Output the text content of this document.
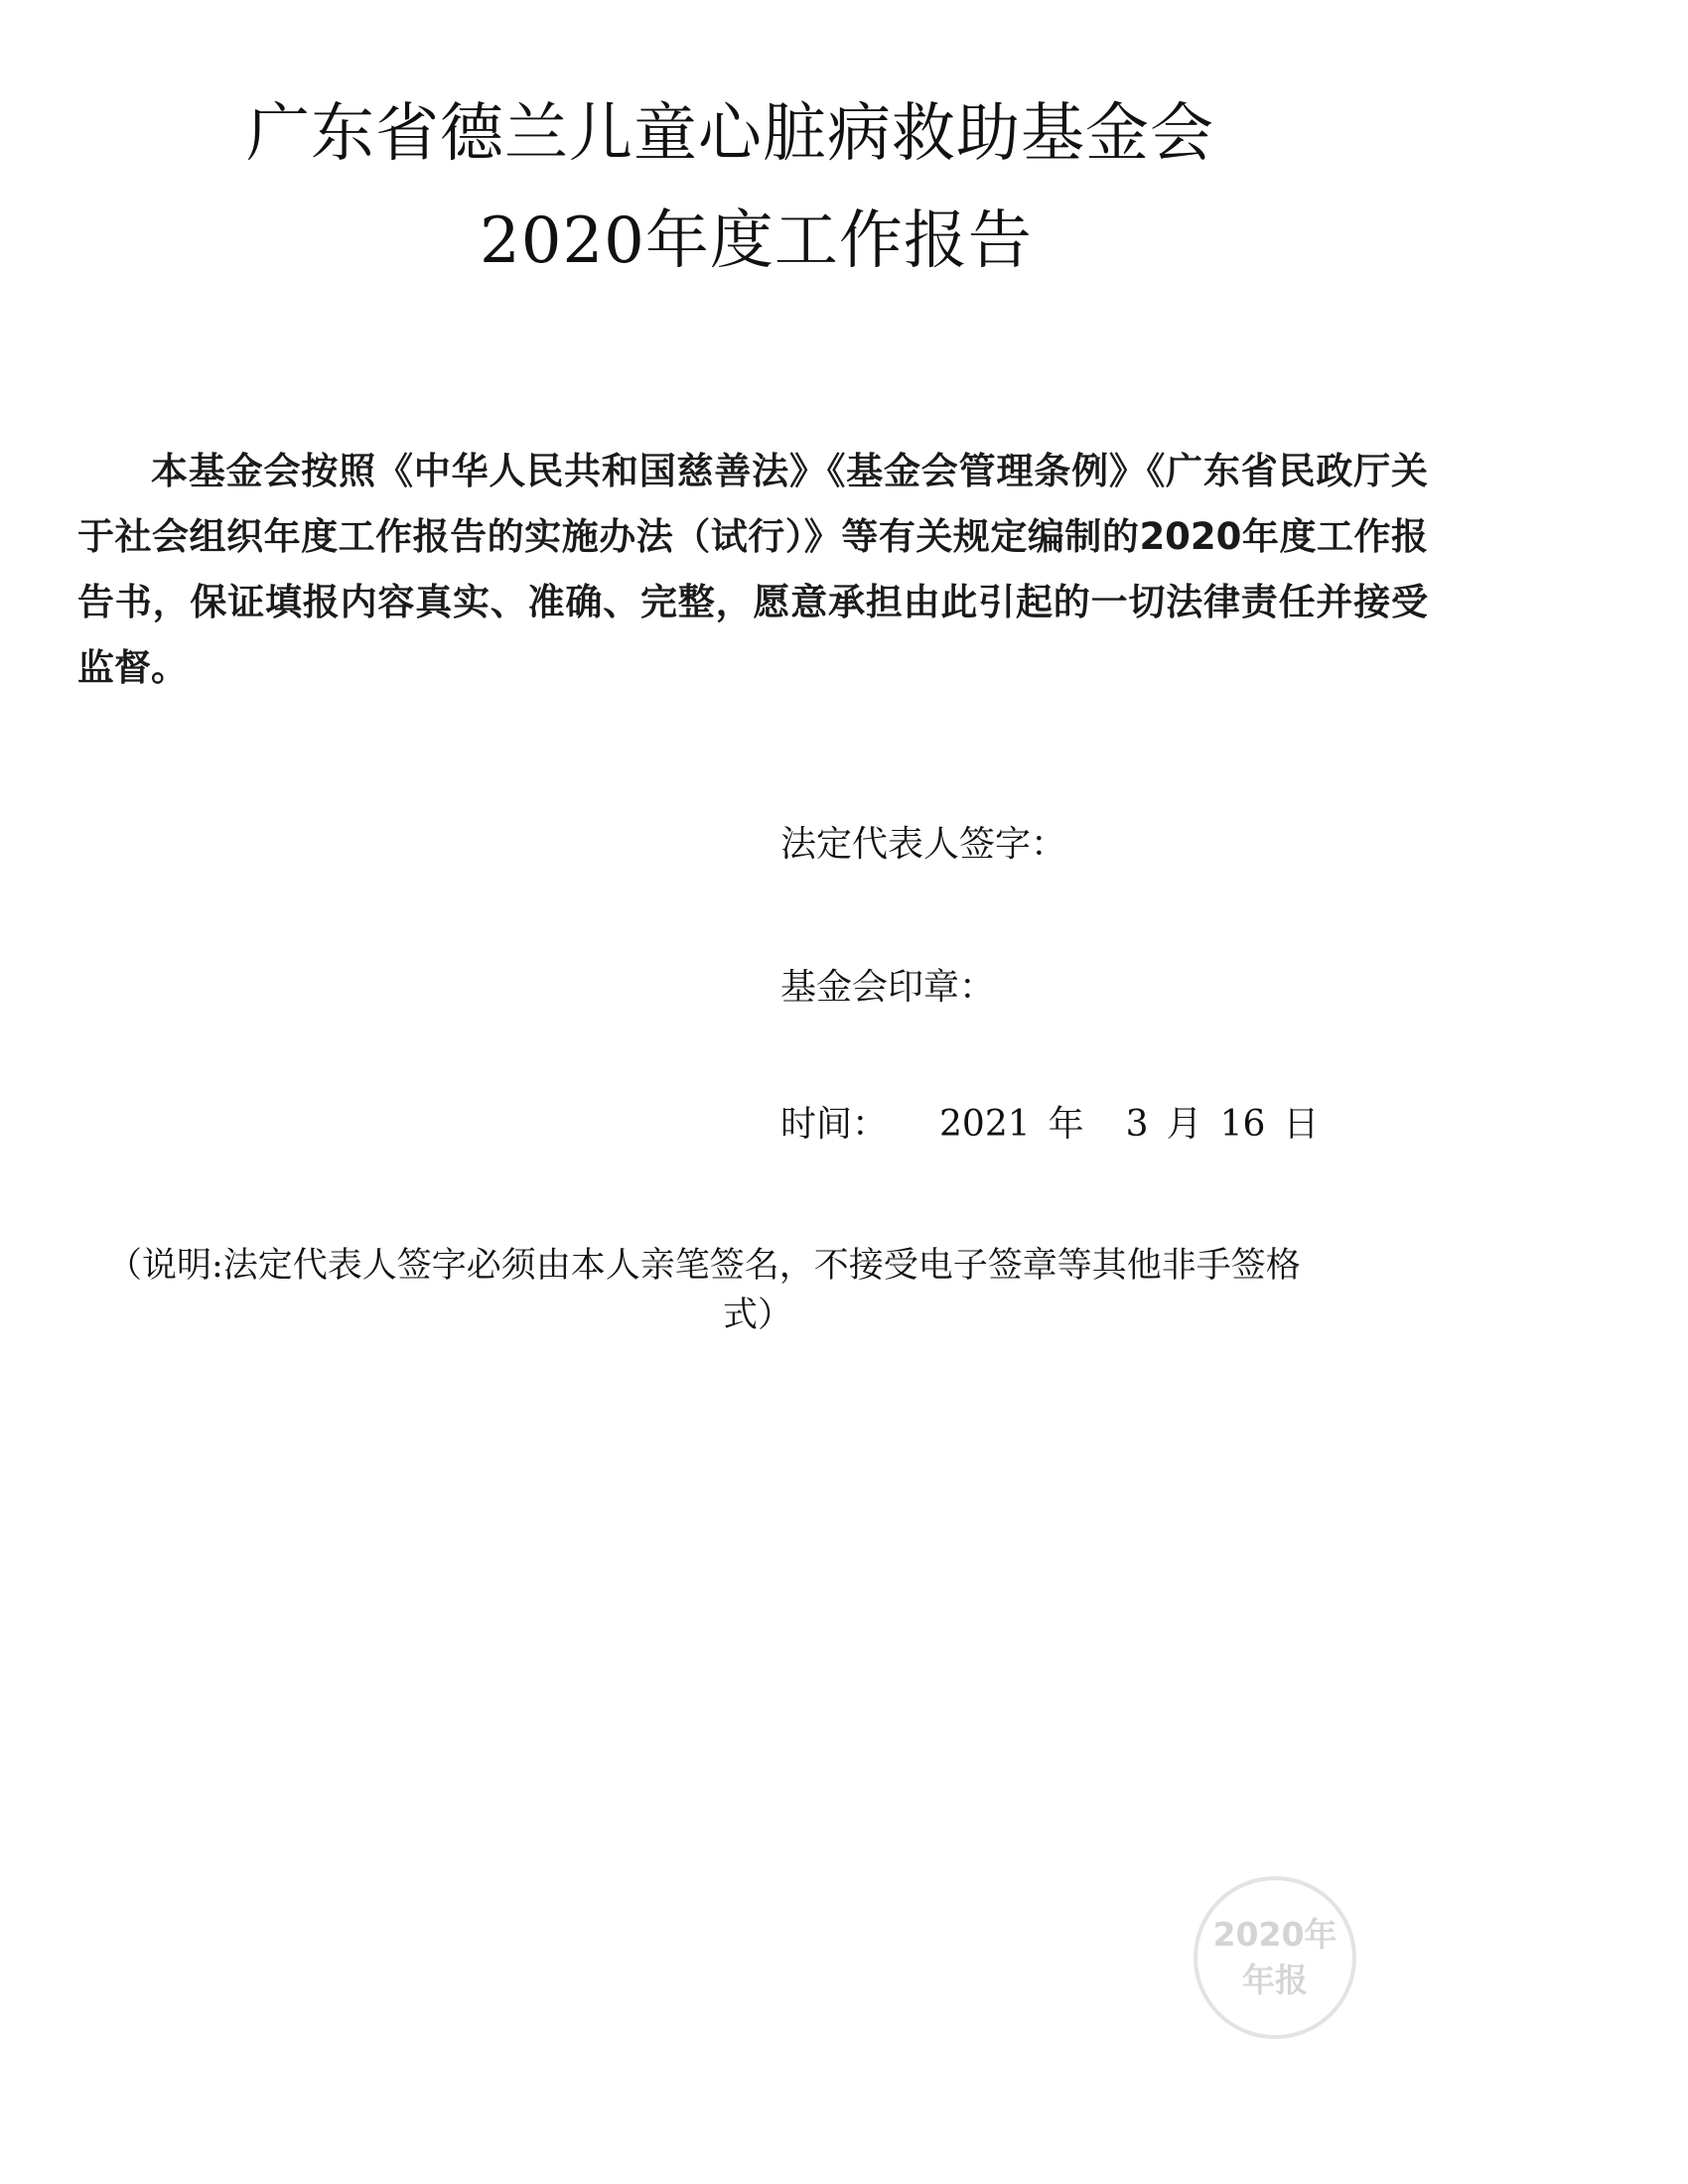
广东省德兰儿童心脏病救助基金会
2020年度工作报告

本基金会按照《中华人民共和国慈善法》《基金会管理条例》《广东省民政厅关于社会组织年度工作报告的实施办法（试行）》等有关规定编制的2020年度工作报告书，保证填报内容真实、准确、完整，愿意承担由此引起的一切法律责任并接受监督。

法定代表人签字：
基金会印章：
时间： 2021 年 3 月 16 日

（说明:法定代表人签字必须由本人亲笔签名，不接受电子签章等其他非手签格
式）

2020年
年报
